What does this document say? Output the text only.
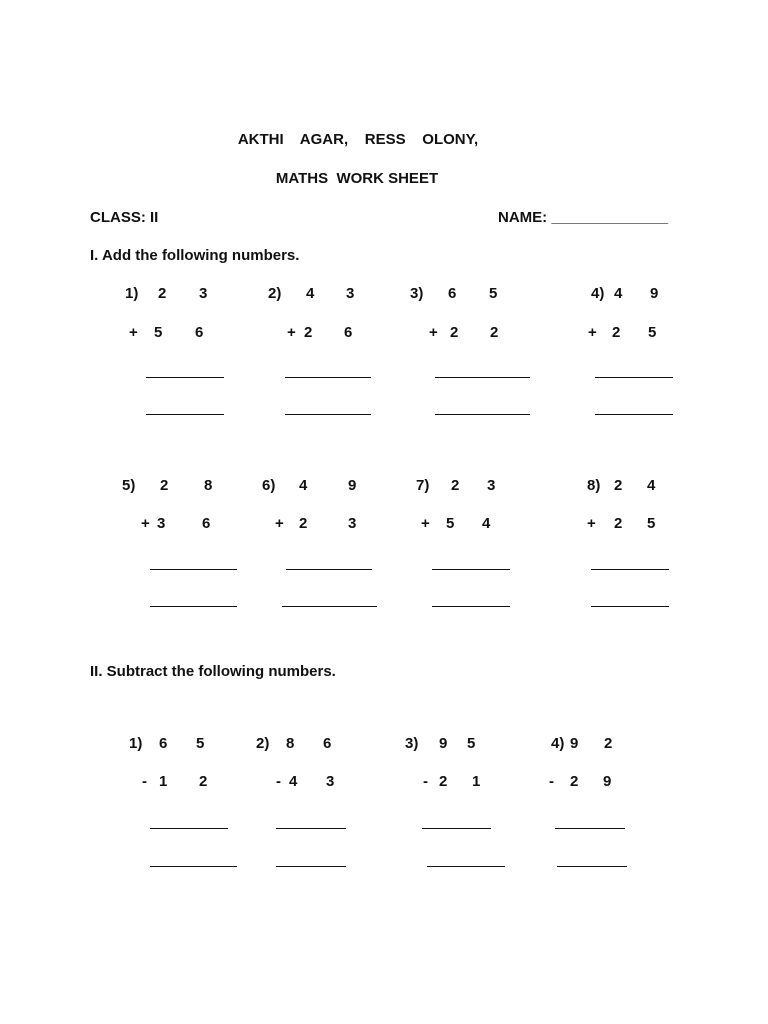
AKTHI    AGAR,    RESS    OLONY,
MATHS  WORK SHEET
CLASS: II	NAME: ______________
I. Add the following numbers.
1) 2 3
+ 5 6
2) 4 3
+ 2 6
3) 6 5
+ 2 2
4) 4 9
+ 2 5
5) 2 8
+ 3 6
6) 4	9
+ 2	3
7) 2 3
+ 5 4
8) 2 4
+ 2 5
II. Subtract the following numbers.
1) 6 5
- 1 2
2) 8 6
- 4 3
3) 9 5
- 2 1
4) 9 2
- 2 9
